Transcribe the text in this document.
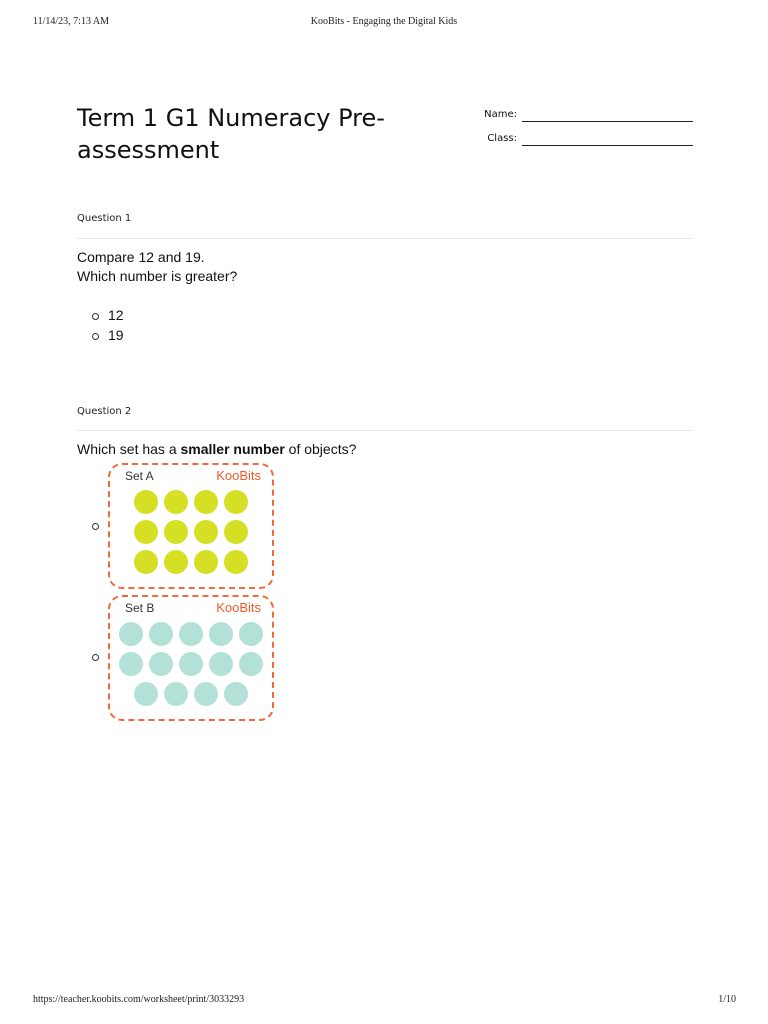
11/14/23, 7:13 AM	KooBits - Engaging the Digital Kids
Term 1 G1 Numeracy Pre-assessment
Name:
Class:
Question 1
Compare 12 and 19.
Which number is greater?
12
19
Question 2
Which set has a smaller number of objects?
Set A	KooBits
Set B	KooBits
https://teacher.koobits.com/worksheet/print/3033293	1/10
